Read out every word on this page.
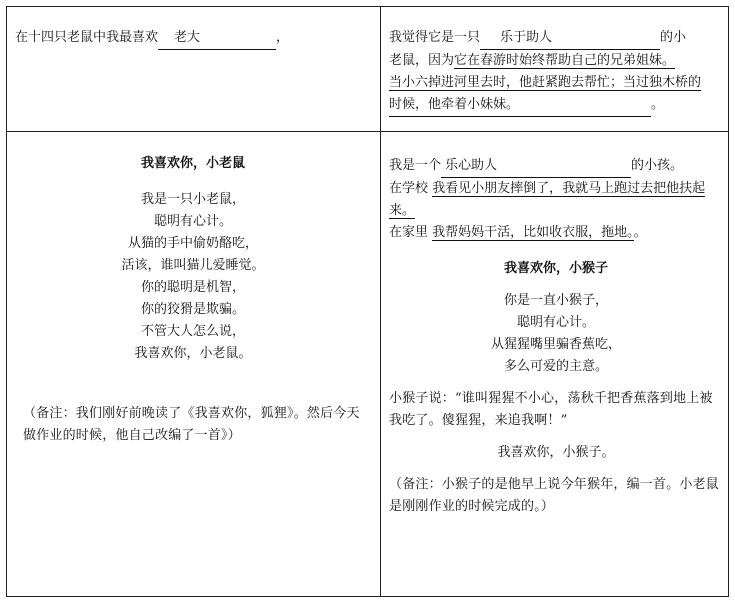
在十四只老鼠中我最喜欢 老大	，	我觉得它是一只 乐于助人	的小
老鼠，因为它在春游时始终帮助自己的兄弟姐妹。
当小六掉进河里去时，他赶紧跑去帮忙；当过独木桥的
时候，他牵着小妹妹。	。
我喜欢你，小老鼠
我是一只小老鼠，
聪明有心计。
从猫的手中偷奶酪吃，
活该，谁叫猫儿爱睡觉。
你的聪明是机智，
你的狡猾是欺骗。
不管大人怎么说，
我喜欢你，小老鼠。
（备注：我们刚好前晚读了《我喜欢你，狐狸》。然后今天做作业的时候，他自己改编了一首》）
我是一个 乐心助人	的小孩。
在学校 我看见小朋友摔倒了，我就马上跑过去把他扶起来。
在家里 我帮妈妈干活，比如收衣服，拖地。。
我喜欢你，小猴子
你是一直小猴子，
聪明有心计。
从猩猩嘴里骗香蕉吃，
多么可爱的主意。
小猴子说：“谁叫猩猩不小心，荡秋千把香蕉落到地上被我吃了。傻猩猩，来追我啊！”
我喜欢你，小猴子。
（备注：小猴子的是他早上说今年猴年，编一首。小老鼠是刚刚作业的时候完成的。）
